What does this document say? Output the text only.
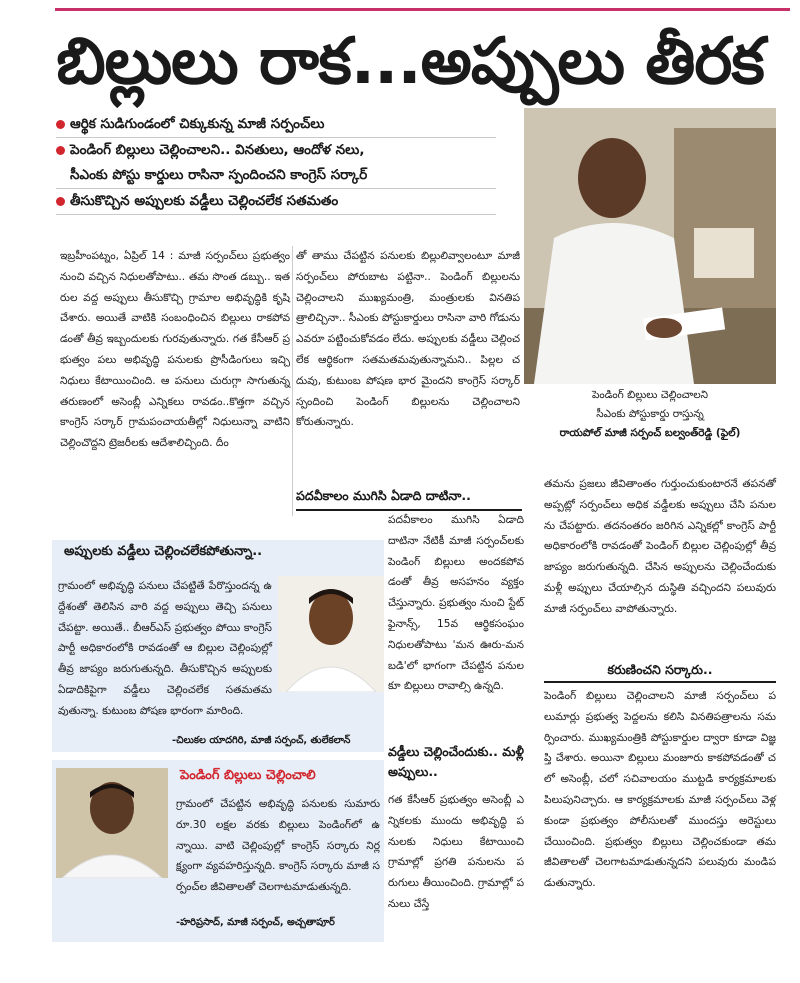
బిల్లులు రాక...అప్పులు తీరక
ఆర్థిక సుడిగుండంలో చిక్కుకున్న మాజీ సర్పంచ్‌లు
పెండింగ్ బిల్లులు చెల్లించాలని.. వినతులు, ఆందోళ నలు,
సీఎంకు పోస్టు కార్డులు రాసినా స్పందించని కాంగ్రెస్ సర్కార్
తీసుకొచ్చిన అప్పులకు వడ్డీలు చెల్లించలేక సతమతం
పెండింగ్ బిల్లులు చెల్లించాలని
సీఎంకు పోస్టుకార్డు రాస్తున్న
రాయపోల్ మాజీ సర్పంచ్ బల్వంత్‌రెడ్డి (ఫైల్)
ఇబ్రహీంపట్నం, ఏప్రిల్ 14 : మాజీ సర్పంచ్‌లు ప్రభుత్వం నుంచి వచ్చిన నిధులతోపాటు.. తమ సొంత డబ్బు.. ఇతరుల వద్ద అప్పులు తీసుకొచ్చి గ్రామాల అభివృద్ధికి కృషి చేశారు. అయితే వాటికి సంబంధించిన బిల్లులు రాకపోవడంతో తీవ్ర ఇబ్బందులకు గురవుతున్నారు. గత కేసీఆర్ ప్రభుత్వం పలు అభివృద్ధి పనులకు ప్రొసీడింగులు ఇచ్చి నిధులు కేటాయించింది. ఆ పనులు చురుగ్గా సాగుతున్న తరుణంలో అసెంబ్లీ ఎన్నికలు రావడం..కొత్తగా వచ్చిన కాంగ్రెస్ సర్కార్ గ్రామపంచాయతీల్లో నిధులున్నా వాటిని చెల్లించొద్దని ట్రెజరీలకు ఆదేశాలిచ్చింది. దీం
తో తాము చేపట్టిన పనులకు బిల్లులివ్వాలంటూ మాజీ సర్పంచ్‌లు పోరుబాట పట్టినా.. పెండింగ్ బిల్లులను చెల్లించాలని ముఖ్యమంత్రి, మంత్రులకు వినతిపత్రాలిచ్చినా.. సీఎంకు పోస్టుకార్డులు రాసినా వారి గోడును ఎవరూ పట్టించుకోవడం లేదు. అప్పులకు వడ్డీలు చెల్లించలేక ఆర్థికంగా సతమతమవుతున్నామని.. పిల్లల చదువు, కుటుంబ పోషణ భార మైందని కాంగ్రెస్ సర్కార్ స్పందించి పెండింగ్ బిల్లులను చెల్లించాలని కోరుతున్నారు.
పదవీకాలం ముగిసి ఏడాది దాటినా..
పదవీకాలం ముగిసి ఏడాది దాటినా నేటికీ మాజీ సర్పంచ్‌లకు పెండింగ్ బిల్లులు అందకపోవడంతో తీవ్ర అసహనం వ్యక్తం చేస్తున్నారు. ప్రభుత్వం నుంచి స్టేట్ ఫైనాన్స్, 15వ ఆర్థికసంఘం నిధులతోపాటు 'మన ఊరు-మన బడి'లో భాగంగా చేపట్టిన పనులకూ బిల్లులు రావాల్సి ఉన్నది.
వడ్డీలు చెల్లించేందుకు.. మళ్లీ అప్పులు..
గత కేసీఆర్ ప్రభుత్వం అసెంబ్లీ ఎన్నికలకు ముందు అభివృద్ధి పనులకు నిధులు కేటాయించి గ్రామాల్లో ప్రగతి పనులను పరుగులు తీయించింది. గ్రామాల్లో పనులు చేస్తే
తమను ప్రజలు జీవితాంతం గుర్తుంచుకుంటారనే తపనతో అప్పట్లో సర్పంచ్‌లు అధిక వడ్డీలకు అప్పులు చేసి పనులను చేపట్టారు. తదనంతరం జరిగిన ఎన్నికల్లో కాంగ్రెస్ పార్టీ అధికారంలోకి రావడంతో పెండింగ్ బిల్లుల చెల్లింపుల్లో తీవ్ర జాప్యం జరుగుతున్నది. చేసిన అప్పులను చెల్లించేందుకు మళ్లీ అప్పులు చేయాల్సిన దుస్థితి వచ్చిందని పలువురు మాజీ సర్పంచ్‌లు వాపోతున్నారు.
కరుణించని సర్కారు..
పెండింగ్ బిల్లులు చెల్లించాలని మాజీ సర్పంచ్‌లు పలుమార్లు ప్రభుత్వ పెద్దలను కలిసి వినతిపత్రాలను సమర్పించారు. ముఖ్యమంత్రికి పోస్టుకార్డుల ద్వారా కూడా విజ్ఞప్తి చేశారు. అయినా బిల్లులు మంజూరు కాకపోవడంతో చలో అసెంబ్లీ, చలో సచివాలయం ముట్టడి కార్యక్రమాలకు పిలుపునిచ్చారు. ఆ కార్యక్రమాలకు మాజీ సర్పంచ్‌లు వెళ్లకుండా ప్రభుత్వం పోలీసులతో ముందస్తు అరెస్టులు చేయించింది. ప్రభుత్వం బిల్లులు చెల్లించకుండా తమ జీవితాలతో చెలగాటమాడుతున్నదని పలువురు మండిపడుతున్నారు.
అప్పులకు వడ్డీలు చెల్లించలేకపోతున్నా..
గ్రామంలో అభివృద్ధి పనులు చేపట్టితే పేరొస్తుందన్న ఉద్దేశంతో తెలిసిన వారి వద్ద అప్పులు తెచ్చి పనులు చేపట్టా. అయితే.. బీఆర్ఎస్ ప్రభుత్వం పోయి కాంగ్రెస్ పార్టీ అధికారంలోకి రావడంతో ఆ బిల్లుల చెల్లింపుల్లో తీవ్ర జాప్యం జరుగుతున్నది. తీసుకొచ్చిన అప్పులకు ఏడాదికిపైగా వడ్డీలు చెల్లించలేక సతమతమవుతున్నా. కుటుంబ పోషణ భారంగా మారింది.
-చిలుకల యాదగిరి, మాజీ సర్పంచ్, తులేకలాన్
పెండింగ్ బిల్లులు చెల్లించాలి
గ్రామంలో చేపట్టిన అభివృద్ధి పనులకు సుమారు రూ.30 లక్షల వరకు బిల్లులు పెండింగ్‌లో ఉన్నాయి. వాటి చెల్లింపుల్లో కాంగ్రెస్ సర్కారు నిర్లక్ష్యంగా వ్యవహరిస్తున్నది. కాంగ్రెస్ సర్కారు మాజీ సర్పంచ్‌ల జీవితాలతో చెలగాటమాడుతున్నది.
-హరిప్రసాద్, మాజీ సర్పంచ్, అచ్చతాపూర్
